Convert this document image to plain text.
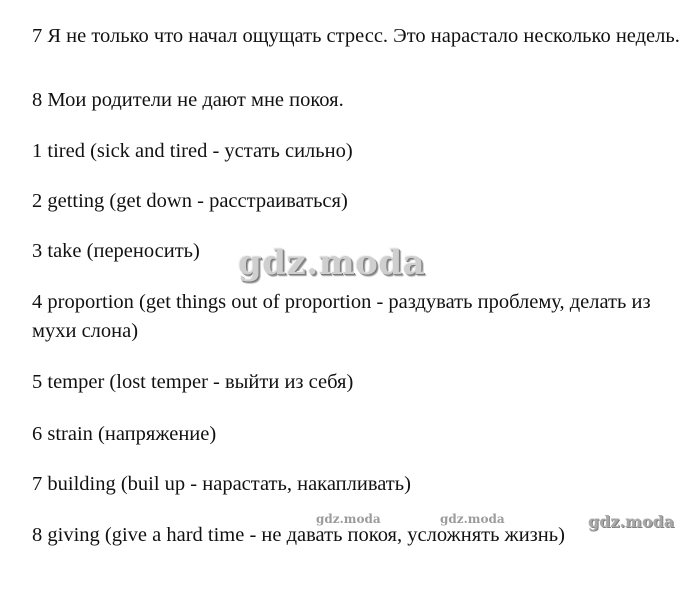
7 Я не только что начал ощущать стресс. Это нарастало несколько недель.
8 Мои родители не дают мне покоя.
1 tired (sick and tired - устать сильно)
2 getting (get down - расстраиваться)
3 take (переносить)
4 proportion (get things out of proportion - раздувать проблему, делать из мухи слона)
5 temper (lost temper - выйти из себя)
6 strain (напряжение)
7 building (buil up - нарастать, накапливать)
8 giving (give a hard time - не давать покоя, усложнять жизнь)
gdz.moda
gdz.moda	gdz.moda	gdz.moda
